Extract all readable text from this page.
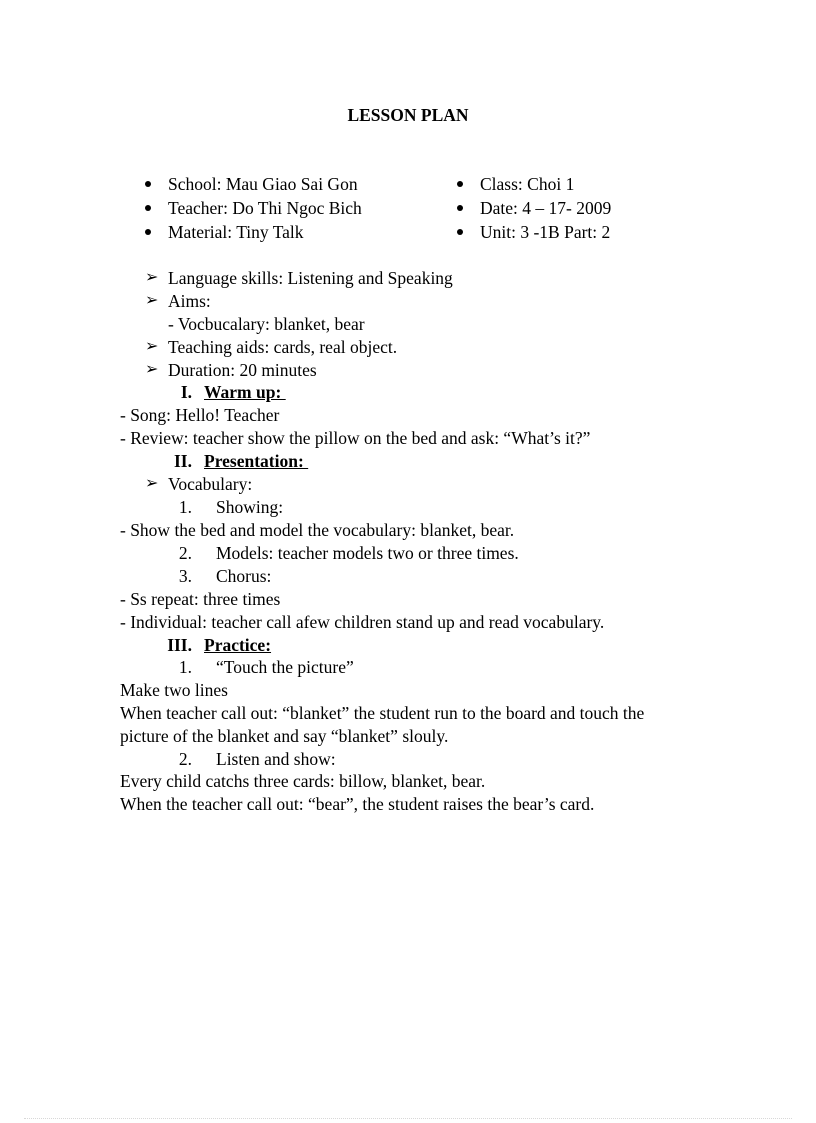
LESSON PLAN
School: Mau Giao Sai Gon
Teacher: Do Thi Ngoc Bich
Material: Tiny Talk
Class: Choi 1
Date: 4 – 17- 2009
Unit: 3 -1B Part: 2
➢ Language skills: Listening and Speaking
➢ Aims:
- Vocbucalary: blanket, bear
➢ Teaching aids: cards, real object.
➢ Duration: 20 minutes
I. Warm up:
- Song: Hello! Teacher
- Review: teacher show the pillow on the bed and ask: “What’s it?”
II. Presentation:
➢ Vocabulary:
1. Showing:
- Show the bed and model the vocabulary: blanket, bear.
2. Models: teacher models two or three times.
3. Chorus:
- Ss repeat: three times
- Individual: teacher call afew children stand up and read vocabulary.
III. Practice:
1. “Touch the picture”
Make two lines
When teacher call out: “blanket” the student run to the board and touch the
picture of the blanket and say “blanket” slouly.
2. Listen and show:
Every child catchs three cards: billow, blanket, bear.
When the teacher call out: “bear”, the student raises the bear’s card.
